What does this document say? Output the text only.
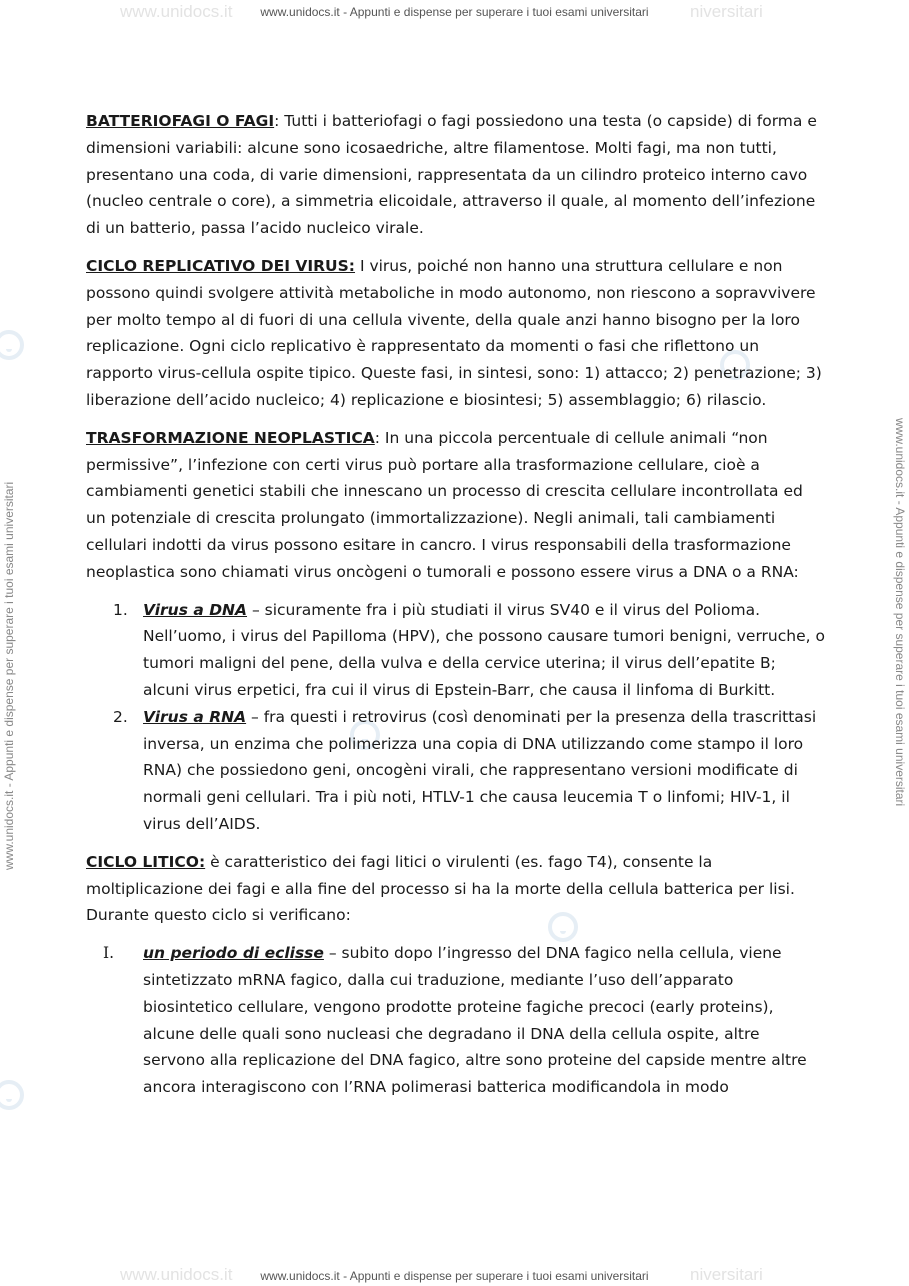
www.unidocs.it	niversitari
www.unidocs.it - Appunti e dispense per superare i tuoi esami universitari
www.unidocs.it	niversitari
www.unidocs.it - Appunti e dispense per superare i tuoi esami universitari
www.unidocs.it - Appunti e dispense per superare i tuoi esami universitari	www.unidocs.it - Appunti e dispense per superare i tuoi esami universitari

BATTERIOFAGI O FAGI: Tutti i batteriofagi o fagi possiedono una testa (o capside) di forma e dimensioni variabili: alcune sono icosaedriche, altre filamentose. Molti fagi, ma non tutti, presentano una coda, di varie dimensioni, rappresentata da un cilindro proteico interno cavo (nucleo centrale o core), a simmetria elicoidale, attraverso il quale, al momento dell’infezione di un batterio, passa l’acido nucleico virale.

CICLO REPLICATIVO DEI VIRUS: I virus, poiché non hanno una struttura cellulare e non possono quindi svolgere attività metaboliche in modo autonomo, non riescono a sopravvivere per molto tempo al di fuori di una cellula vivente, della quale anzi hanno bisogno per la loro replicazione. Ogni ciclo replicativo è rappresentato da momenti o fasi che riflettono un rapporto virus-cellula ospite tipico. Queste fasi, in sintesi, sono: 1) attacco; 2) penetrazione; 3) liberazione dell’acido nucleico; 4) replicazione e biosintesi; 5) assemblaggio; 6) rilascio.

TRASFORMAZIONE NEOPLASTICA: In una piccola percentuale di cellule animali “non permissive”, l’infezione con certi virus può portare alla trasformazione cellulare, cioè a cambiamenti genetici stabili che innescano un processo di crescita cellulare incontrollata ed un potenziale di crescita prolungato (immortalizzazione). Negli animali, tali cambiamenti cellulari indotti da virus possono esitare in cancro. I virus responsabili della trasformazione neoplastica sono chiamati virus oncògeni o tumorali e possono essere virus a DNA o a RNA:

1. Virus a DNA – sicuramente fra i più studiati il virus SV40 e il virus del Polioma. Nell’uomo, i virus del Papilloma (HPV), che possono causare tumori benigni, verruche, o tumori maligni del pene, della vulva e della cervice uterina; il virus dell’epatite B; alcuni virus erpetici, fra cui il virus di Epstein-Barr, che causa il linfoma di Burkitt.
2. Virus a RNA – fra questi i retrovirus (così denominati per la presenza della trascrittasi inversa, un enzima che polimerizza una copia di DNA utilizzando come stampo il loro RNA) che possiedono geni, oncogèni virali, che rappresentano versioni modificate di normali geni cellulari. Tra i più noti, HTLV-1 che causa leucemia T o linfomi; HIV-1, il virus dell’AIDS.

CICLO LITICO: è caratteristico dei fagi litici o virulenti (es. fago T4), consente la moltiplicazione dei fagi e alla fine del processo si ha la morte della cellula batterica per lisi. Durante questo ciclo si verificano:

I. un periodo di eclisse – subito dopo l’ingresso del DNA fagico nella cellula, viene sintetizzato mRNA fagico, dalla cui traduzione, mediante l’uso dell’apparato biosintetico cellulare, vengono prodotte proteine fagiche precoci (early proteins), alcune delle quali sono nucleasi che degradano il DNA della cellula ospite, altre servono alla replicazione del DNA fagico, altre sono proteine del capside mentre altre ancora interagiscono con l’RNA polimerasi batterica modificandola in modo
